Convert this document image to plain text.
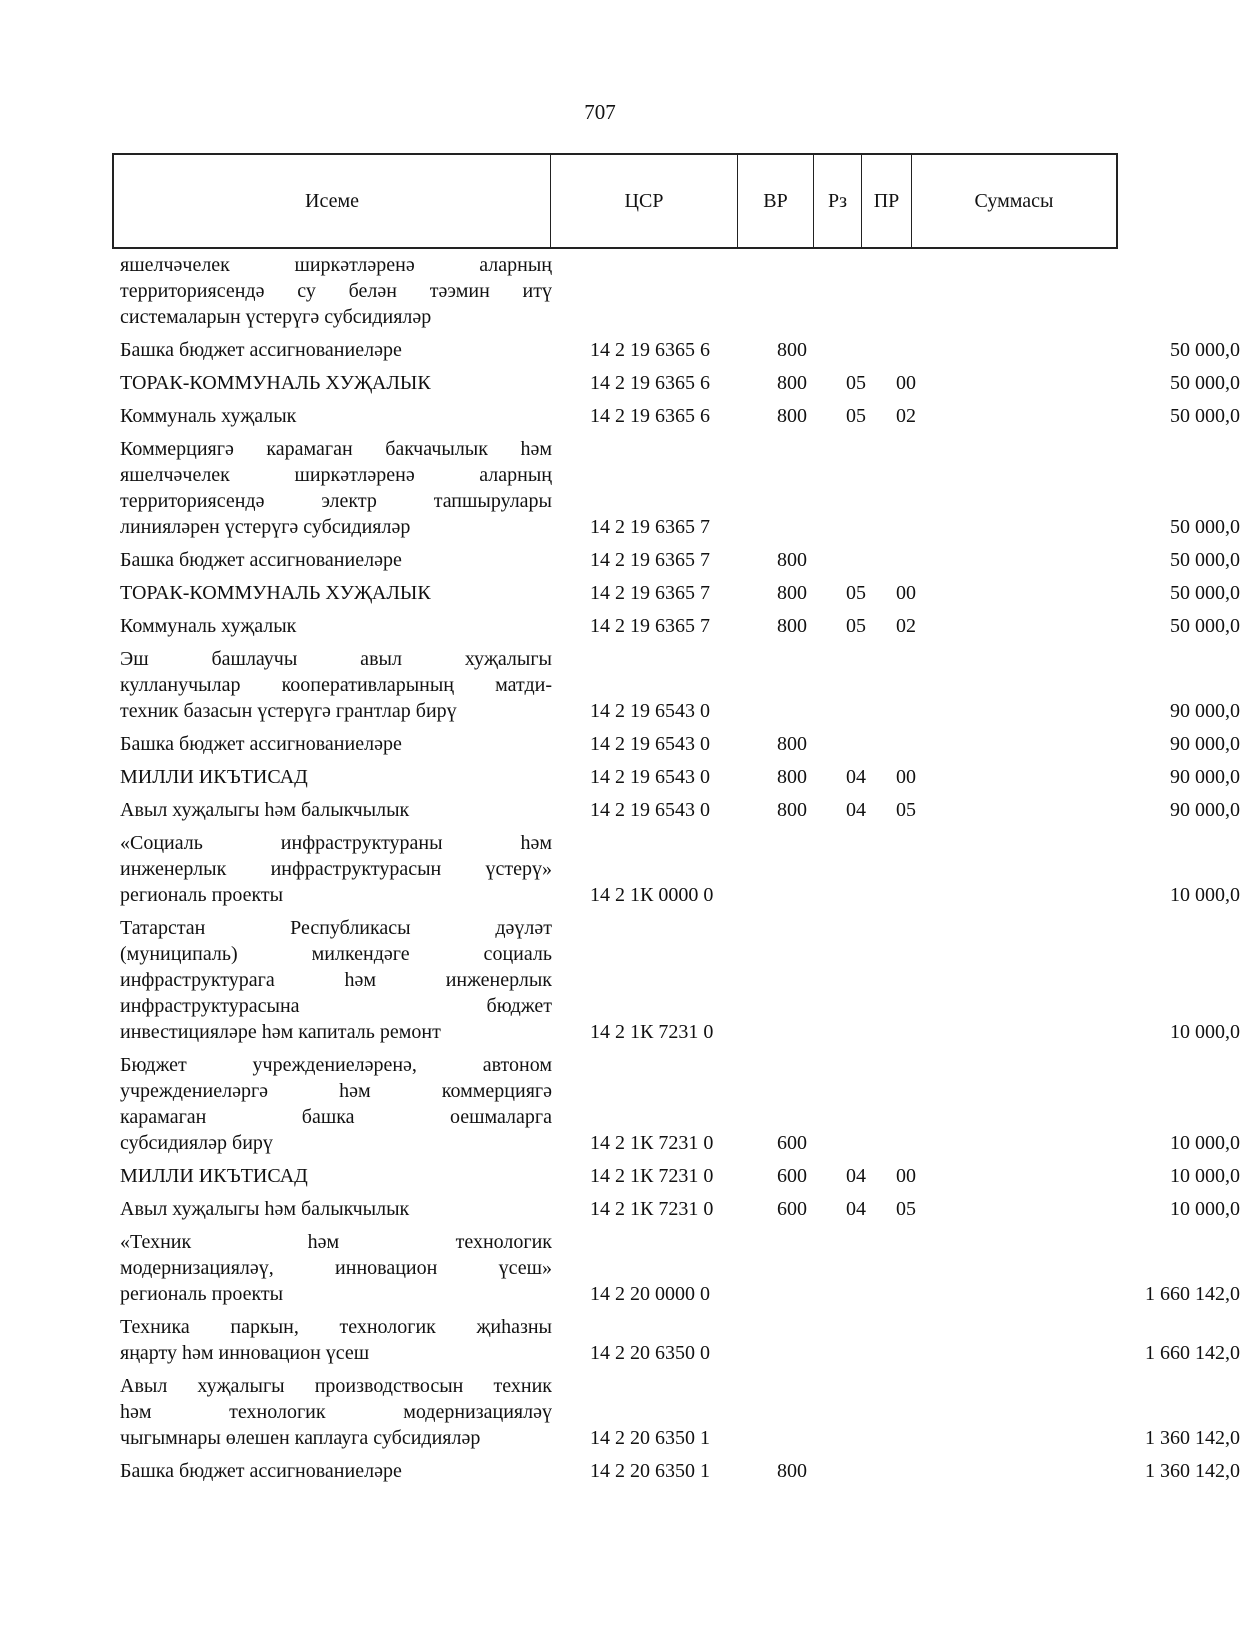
707
Исеме	ЦСР	ВР	Рз	ПР	Суммасы
яшелчәчелек ширкәтләренә аларның
территориясендә су белән тәэмин итү
системаларын үстерүгә субсидияләр
Башка бюджет ассигнованиеләре	14 2 19 6365 6	800	50 000,0
ТОРАК-КОММУНАЛЬ ХУҖАЛЫК	14 2 19 6365 6	800 05 00	50 000,0
Коммуналь хуҗалык	14 2 19 6365 6	800 05 02	50 000,0
Коммерциягә карамаган бакчачылык һәм
яшелчәчелек ширкәтләренә аларның
территориясендә электр тапшырулары
линияләрен үстерүгә субсидияләр	14 2 19 6365 7	50 000,0
Башка бюджет ассигнованиеләре	14 2 19 6365 7	800	50 000,0
ТОРАК-КОММУНАЛЬ ХУҖАЛЫК	14 2 19 6365 7	800 05 00	50 000,0
Коммуналь хуҗалык	14 2 19 6365 7	800 05 02	50 000,0
Эш башлаучы авыл хуҗалыгы
кулланучылар кооперативларының матди-
техник базасын үстерүгә грантлар бирү	14 2 19 6543 0	90 000,0
Башка бюджет ассигнованиеләре	14 2 19 6543 0	800	90 000,0
МИЛЛИ ИКЪТИСАД	14 2 19 6543 0	800 04 00	90 000,0
Авыл хуҗалыгы һәм балыкчылык	14 2 19 6543 0	800 04 05	90 000,0
«Социаль инфраструктураны һәм
инженерлык инфраструктурасын үстерү»
региональ проекты	14 2 1К 0000 0	10 000,0
Татарстан Республикасы дәүләт
(муниципаль) милкендәге социаль
инфраструктурага һәм инженерлык
инфраструктурасына бюджет
инвестицияләре һәм капиталь ремонт	14 2 1К 7231 0	10 000,0
Бюджет учреждениеләренә, автоном
учреждениеләргә һәм коммерциягә
карамаган башка оешмаларга
субсидияләр бирү	14 2 1К 7231 0	600	10 000,0
МИЛЛИ ИКЪТИСАД	14 2 1К 7231 0	600 04 00	10 000,0
Авыл хуҗалыгы һәм балыкчылык	14 2 1К 7231 0	600 04 05	10 000,0
«Техник һәм технологик
модернизацияләү, инновацион үсеш»
региональ проекты	14 2 20 0000 0	1 660 142,0
Техника паркын, технологик җиһазны
яңарту һәм инновацион үсеш	14 2 20 6350 0	1 660 142,0
Авыл хуҗалыгы производствосын техник
һәм технологик модернизацияләү
чыгымнары өлешен каплауга субсидияләр	14 2 20 6350 1	1 360 142,0
Башка бюджет ассигнованиеләре	14 2 20 6350 1	800	1 360 142,0
